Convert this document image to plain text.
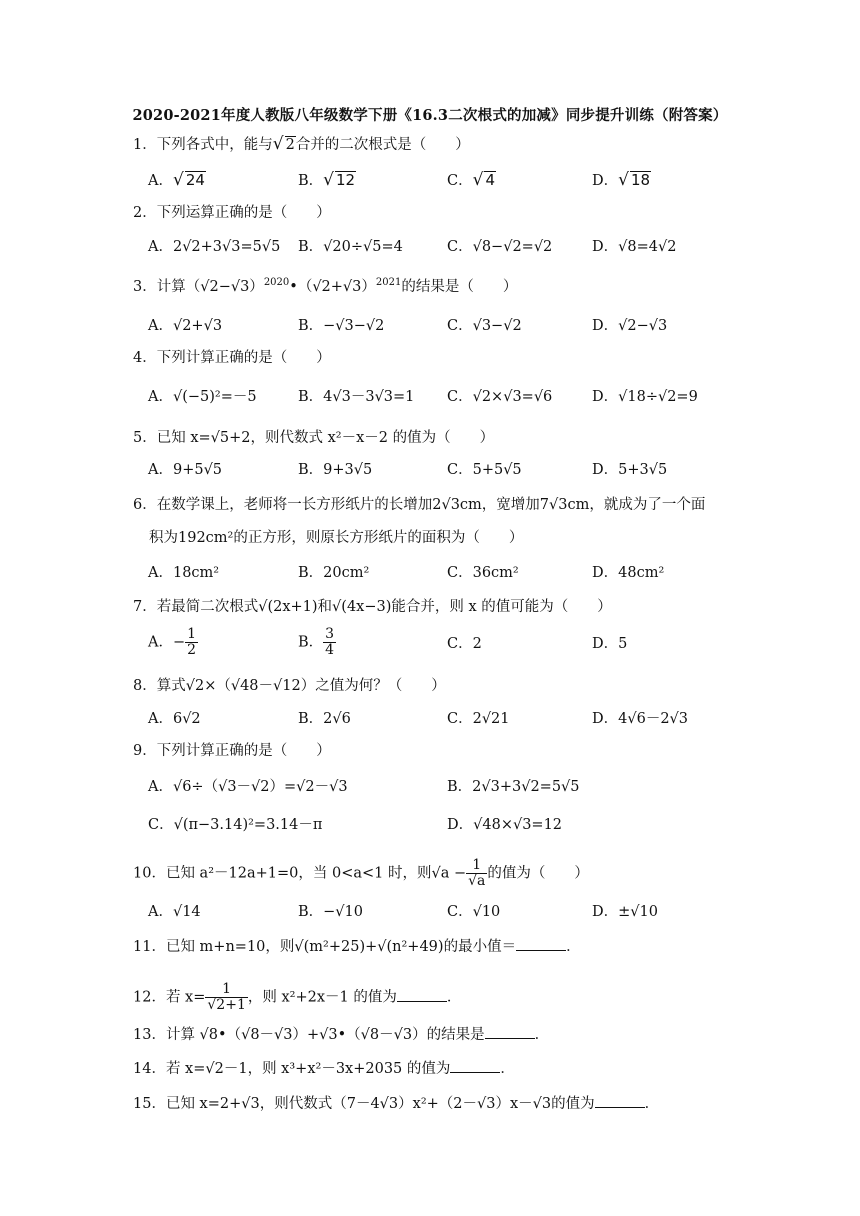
2020-2021年度人教版八年级数学下册《16.3二次根式的加减》同步提升训练（附答案）
1．下列各式中，能与√ 2合并的二次根式是（　　）
A．√ 24	B．√ 12	C．√ 4	D．√ 18
2．下列运算正确的是（　　）
A．2√2+3√3=5√5 B．√20÷√5=4	C．√8−√2=√2	D．√8=4√2
3．计算$(√2-√3)^{2020}•(√2+√3)^{2021}$的结果是（　　）
A．√2+√3	B．−√3−√2	C．√3−√2	D．√2−√3
4．下列计算正确的是（　　）
A．√(−5)²=－5	B．4√3－3√3=1 C．√2×√3=√6	D．√18÷√2=9
5．已知 x=√5+2，则代数式 x²－x－2 的值为（　　）
A．9+5√5	B．9+3√5	C．5+5√5	D．5+3√5
6．在数学课上，老师将一长方形纸片的长增加2√3cm，宽增加7√3cm，就成为了一个面
积为192cm²的正方形，则原长方形纸片的面积为（　　）
A．18cm²	B．20cm²	C．36cm²	D．48cm²
7．若最简二次根式√(2x+1)和√(4x−3)能合并，则 x 的值可能为（　　）
A．− $\frac{1}{2}$	B． $\frac{3}{4}$	C．2	D．5
8．算式√2×（√48－√12）之值为何？（　　）
A．6√2	B．2√6	C．2√21	D．4√6－2√3
9．下列计算正确的是（　　）
A．√6÷（√3－√2）=√2－√3	B．2√3+3√2=5√5
C．√(π−3.14)²=3.14－π	D．√48×√3=12
10．已知 a²－12a+1=0，当 0<a<1 时，则$√a - \frac{1}{√a}$ 的值为（　　）
A．√14	B．−√10	C．√10	D．±√10
11．已知 m+n=10，则√(m²+25)+√(n²+49)的最小值＝	．
12．若 $x= \frac{1}{√2+1}$ ，则 x²+2x－1 的值为	．
13．计算 √8•（√8－√3）+√3•（√8－√3）的结果是	．
14．若 x=√2－1，则 x³+x²－3x+2035 的值为	．
15．已知 x=2+√3，则代数式（7－4√3）x²+（2－√3）x－√3的值为	．
